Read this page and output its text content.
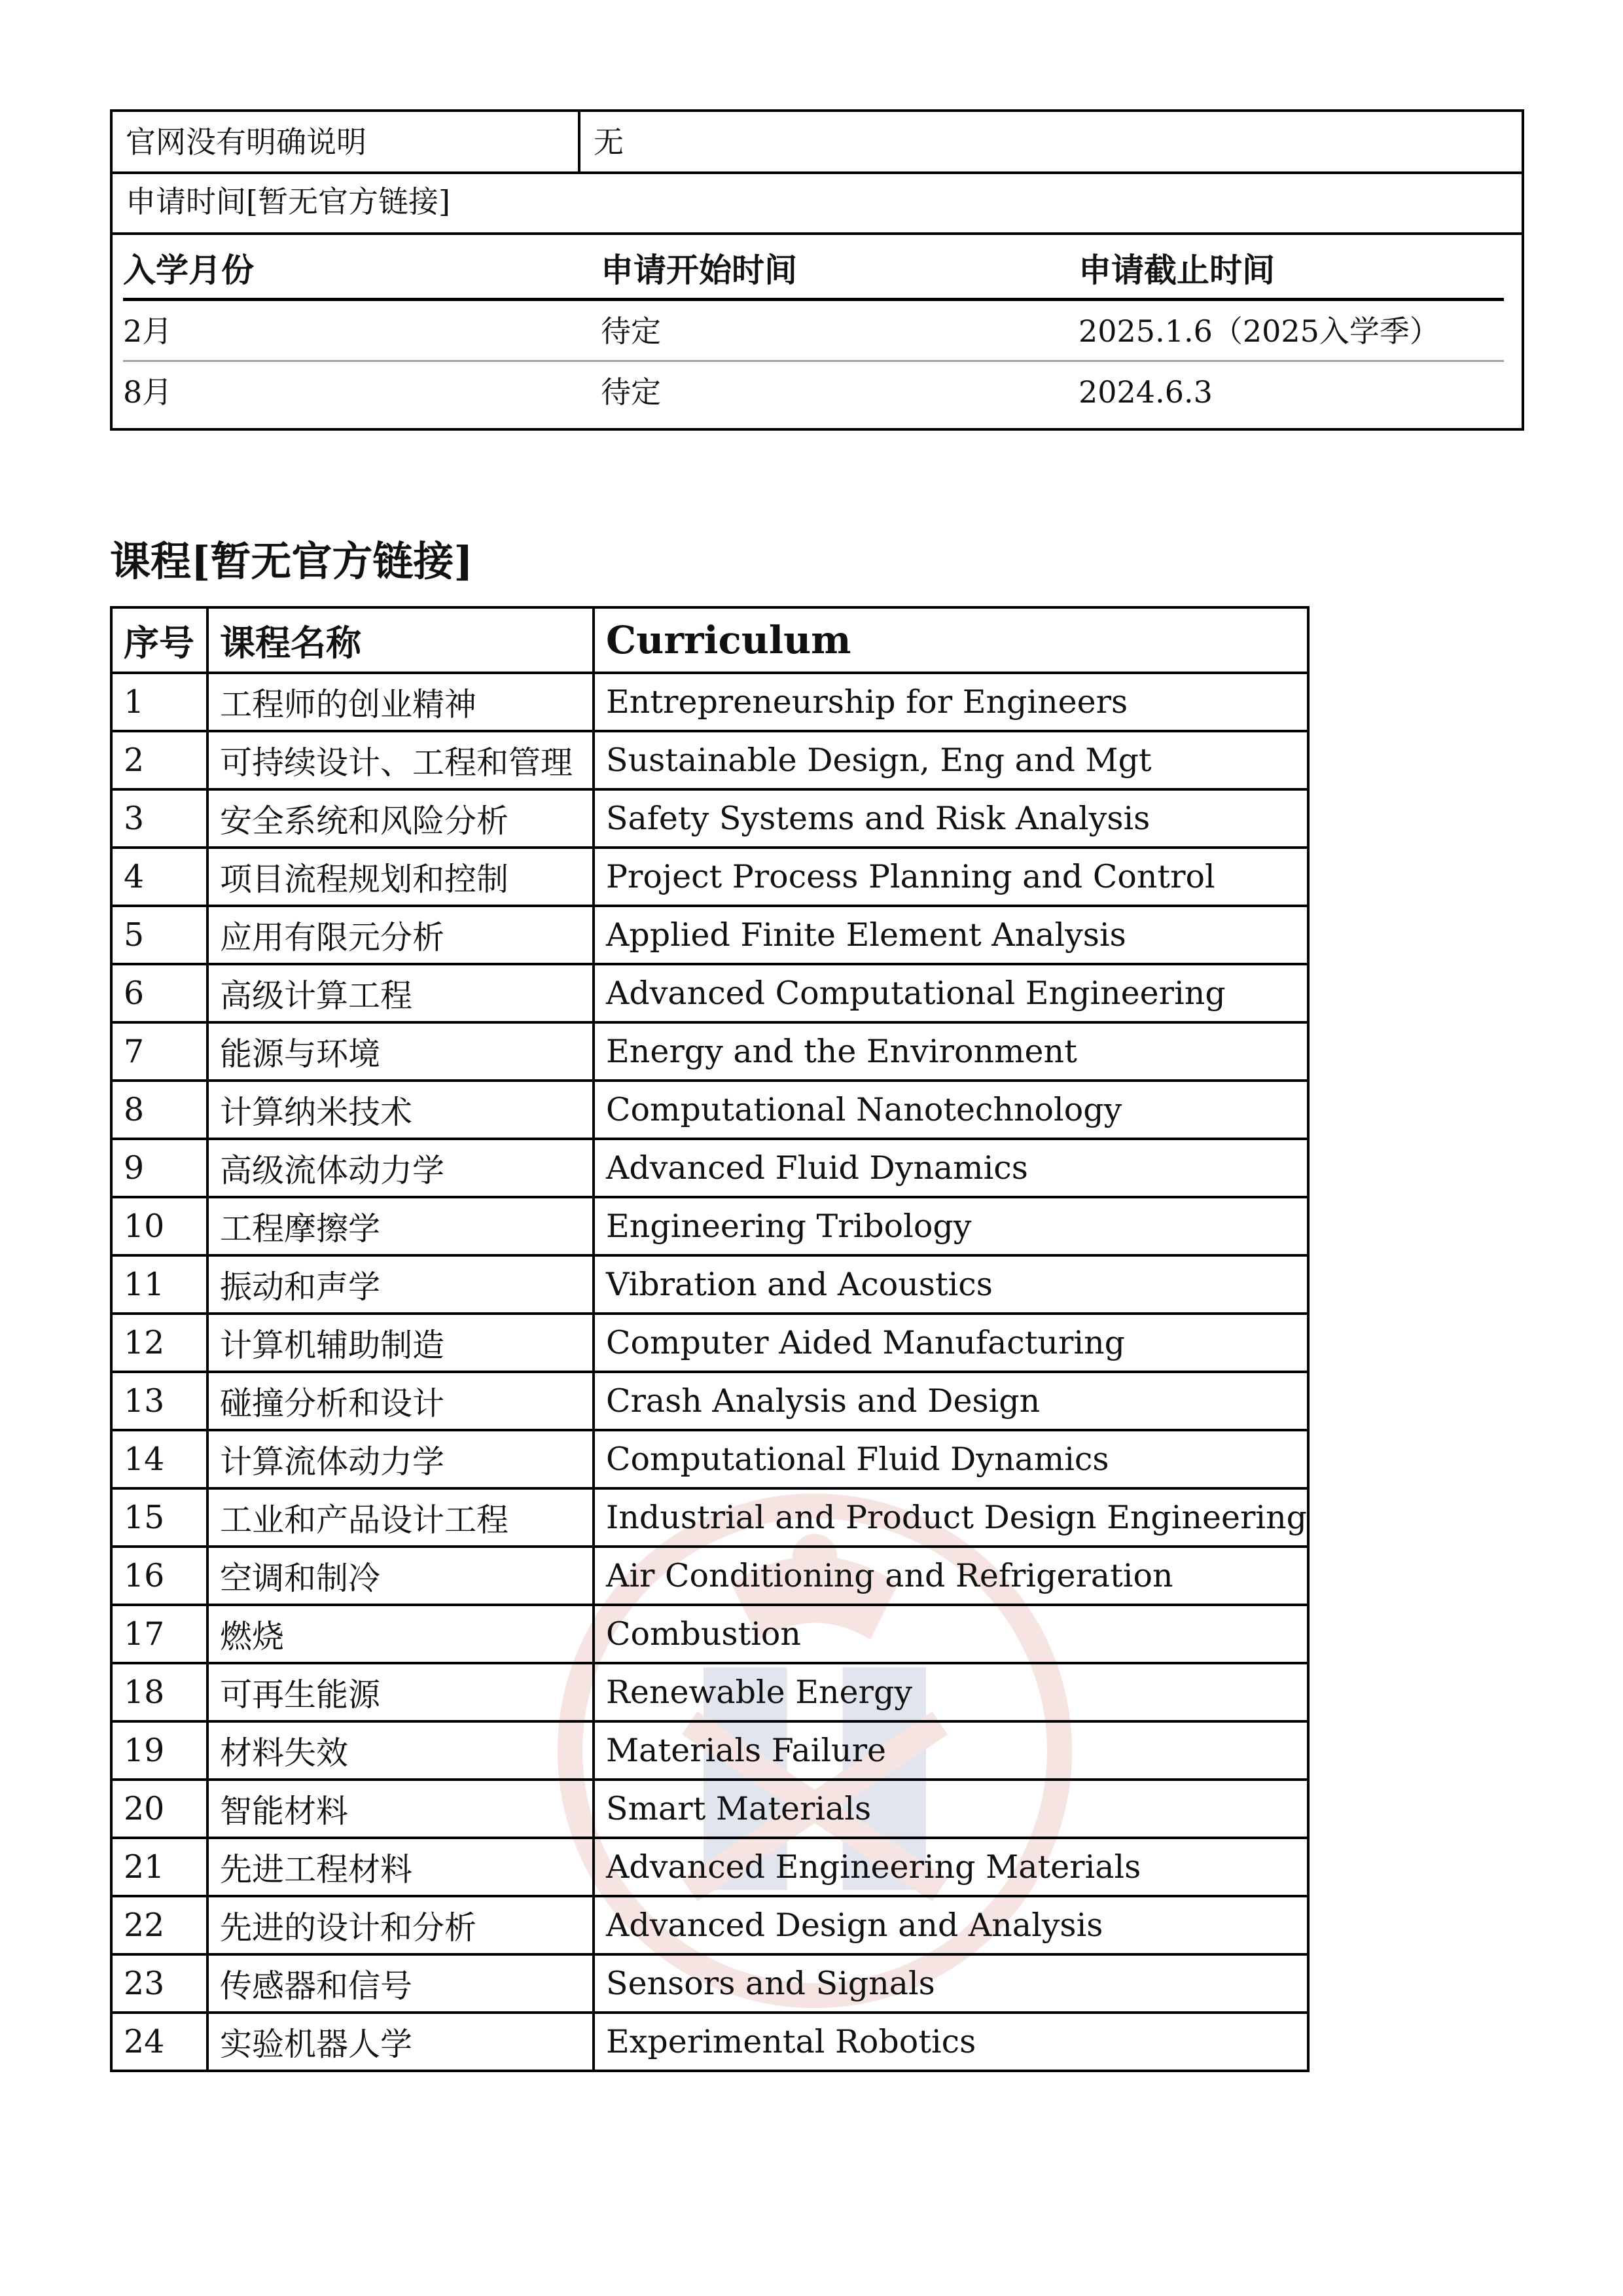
官网没有明确说明	无
申请时间[暂无官方链接]
入学月份	申请开始时间	申请截止时间
2月	待定	2025.1.6（2025入学季）
8月	待定	2024.6.3
课程[暂无官方链接]
序号	课程名称	Curriculum
1	工程师的创业精神	Entrepreneurship for Engineers
2	可持续设计、工程和管理	Sustainable Design, Eng and Mgt
3	安全系统和风险分析	Safety Systems and Risk Analysis
4	项目流程规划和控制	Project Process Planning and Control
5	应用有限元分析	Applied Finite Element Analysis
6	高级计算工程	Advanced Computational Engineering
7	能源与环境	Energy and the Environment
8	计算纳米技术	Computational Nanotechnology
9	高级流体动力学	Advanced Fluid Dynamics
10	工程摩擦学	Engineering Tribology
11	振动和声学	Vibration and Acoustics
12	计算机辅助制造	Computer Aided Manufacturing
13	碰撞分析和设计	Crash Analysis and Design
14	计算流体动力学	Computational Fluid Dynamics
15	工业和产品设计工程	Industrial and Product Design Engineering
16	空调和制冷	Air Conditioning and Refrigeration
17	燃烧	Combustion
18	可再生能源	Renewable Energy
19	材料失效	Materials Failure
20	智能材料	Smart Materials
21	先进工程材料	Advanced Engineering Materials
22	先进的设计和分析	Advanced Design and Analysis
23	传感器和信号	Sensors and Signals
24	实验机器人学	Experimental Robotics
